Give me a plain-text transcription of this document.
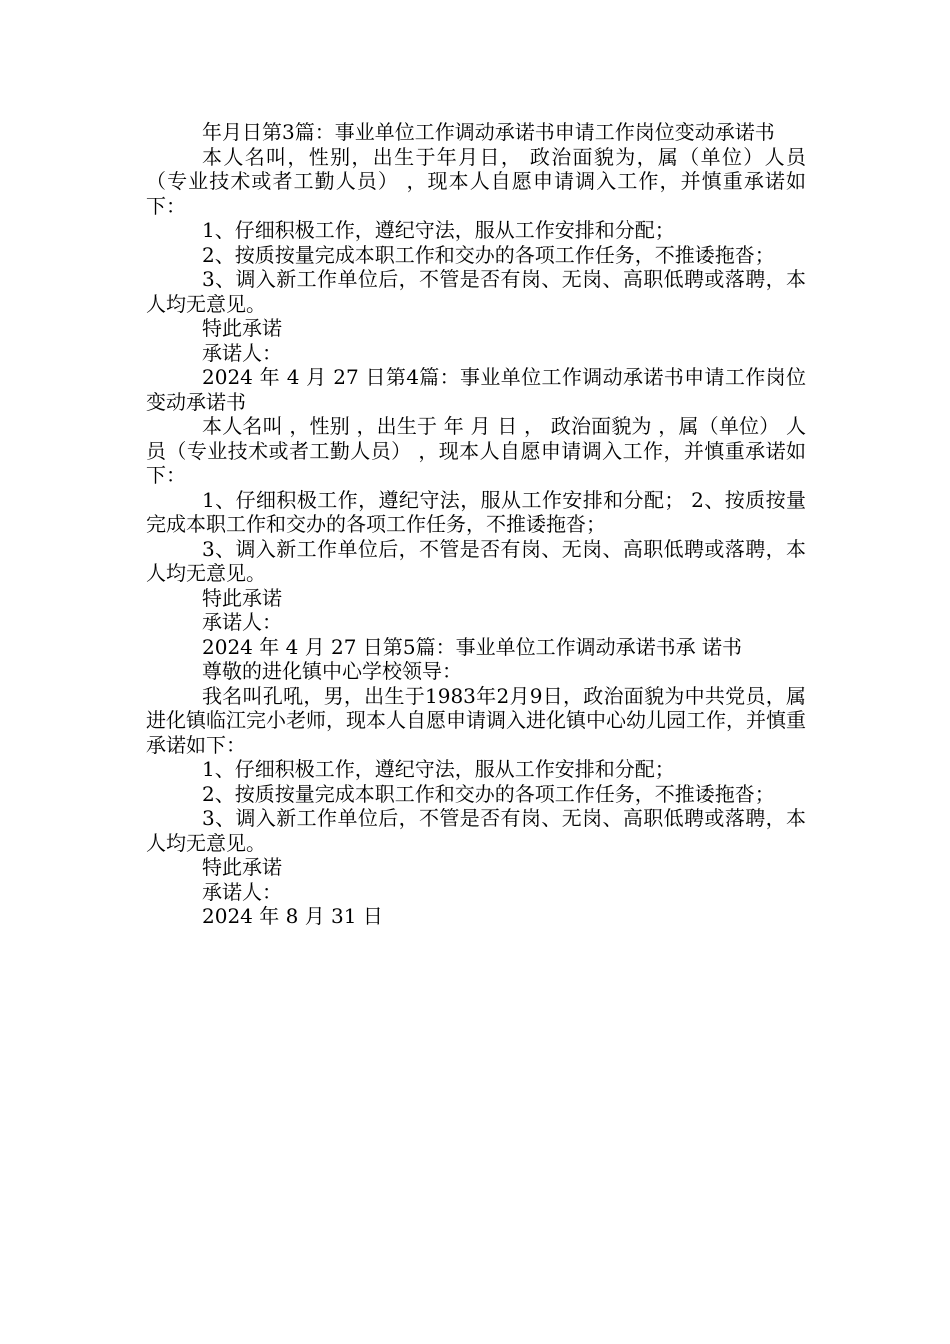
年月日第3篇：事业单位工作调动承诺书申请工作岗位变动承诺书

本人名叫，性别，出生于年月日， 政治面貌为，属（单位）人员（专业技术或者工勤人员） ，现本人自愿申请调入工作，并慎重承诺如下：

1、仔细积极工作，遵纪守法，服从工作安排和分配；

2、按质按量完成本职工作和交办的各项工作任务，不推诿拖沓；

3、调入新工作单位后，不管是否有岗、无岗、高职低聘或落聘，本人均无意见。

特此承诺

承诺人：

2024 年 4 月 27 日第4篇：事业单位工作调动承诺书申请工作岗位变动承诺书

本人名叫 ，性别 ，出生于 年 月 日 ， 政治面貌为 ，属（单位） 人员（专业技术或者工勤人员） ，现本人自愿申请调入工作，并慎重承诺如下：

1、仔细积极工作，遵纪守法，服从工作安排和分配； 2、按质按量完成本职工作和交办的各项工作任务，不推诿拖沓；

3、调入新工作单位后，不管是否有岗、无岗、高职低聘或落聘，本人均无意见。

特此承诺

承诺人：

2024 年 4 月 27 日第5篇：事业单位工作调动承诺书承 诺书

尊敬的进化镇中心学校领导：

我名叫孔吼，男，出生于1983年2月9日，政治面貌为中共党员，属进化镇临江完小老师，现本人自愿申请调入进化镇中心幼儿园工作，并慎重承诺如下：

1、仔细积极工作，遵纪守法，服从工作安排和分配；

2、按质按量完成本职工作和交办的各项工作任务，不推诿拖沓；

3、调入新工作单位后，不管是否有岗、无岗、高职低聘或落聘，本人均无意见。

特此承诺

承诺人：

2024 年 8 月 31 日
